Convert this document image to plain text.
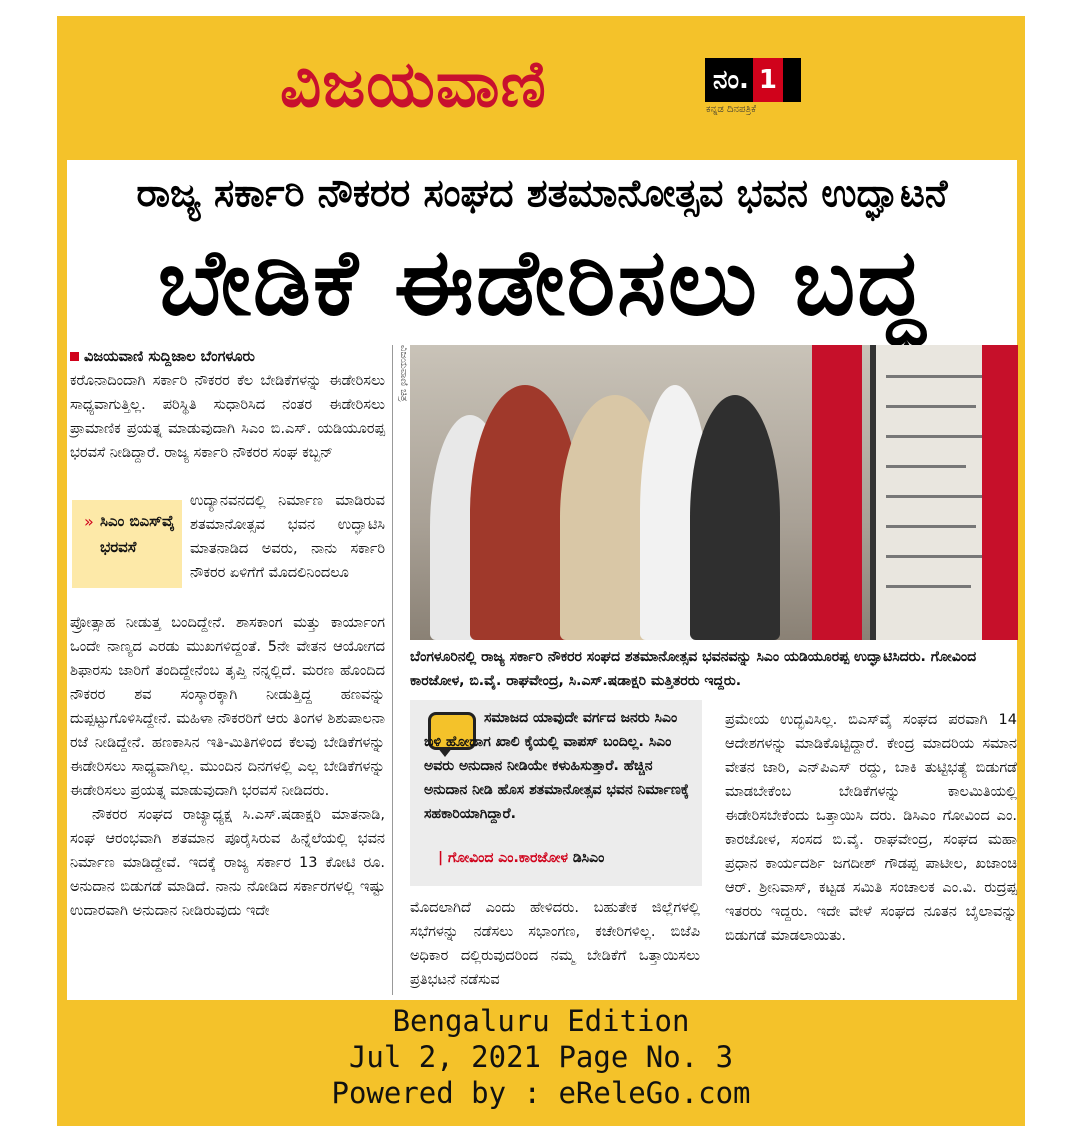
ವಿಜಯವಾಣಿ	ನಂ. 1
ಕನ್ನಡ ದಿನಪತ್ರಿಕೆ
ರಾಜ್ಯ ಸರ್ಕಾರಿ ನೌಕರರ ಸಂಘದ ಶತಮಾನೋತ್ಸವ ಭವನ ಉದ್ಘಾಟನೆ
ಬೇಡಿಕೆ ಈಡೇರಿಸಲು ಬದ್ಧ

ವಿಜಯವಾಣಿ ಸುದ್ದಿಜಾಲ ಬೆಂಗಳೂರು

ಕರೊನಾದಿಂದಾಗಿ ಸರ್ಕಾರಿ ನೌಕರರ ಕೆಲ ಬೇಡಿಕೆಗಳನ್ನು ಈಡೇರಿಸಲು ಸಾಧ್ಯವಾಗುತ್ತಿಲ್ಲ. ಪರಿಸ್ಥಿತಿ ಸುಧಾರಿಸಿದ ನಂತರ ಈಡೇರಿಸಲು ಪ್ರಾಮಾಣಿಕ ಪ್ರಯತ್ನ ಮಾಡುವುದಾಗಿ ಸಿಎಂ ಬಿ.ಎಸ್. ಯಡಿಯೂರಪ್ಪ ಭರವಸೆ ನೀಡಿದ್ದಾರೆ. ರಾಜ್ಯ ಸರ್ಕಾರಿ ನೌಕರರ ಸಂಘ ಕಬ್ಬನ್

ಪ್ರೋತ್ಸಾಹ ನೀಡುತ್ತ ಬಂದಿದ್ದೇನೆ. ಶಾಸಕಾಂಗ ಮತ್ತು ಕಾರ್ಯಾಂಗ ಒಂದೇ ನಾಣ್ಯದ ಎರಡು ಮುಖಗಳಿದ್ದಂತೆ. 5ನೇ ವೇತನ ಆಯೋಗದ ಶಿಫಾರಸು ಜಾರಿಗೆ ತಂದಿದ್ದೇನೆಂಬ ತೃಪ್ತಿ ನನ್ನಲ್ಲಿದೆ. ಮರಣ ಹೊಂದಿದ ನೌಕರರ ಶವ ಸಂಸ್ಕಾರಕ್ಕಾಗಿ ನೀಡುತ್ತಿದ್ದ ಹಣವನ್ನು ದುಪ್ಪಟ್ಟುಗೊಳಿಸಿದ್ದೇನೆ. ಮಹಿಳಾ ನೌಕರರಿಗೆ ಆರು ತಿಂಗಳ ಶಿಶುಪಾಲನಾ ರಜೆ ನೀಡಿದ್ದೇನೆ. ಹಣಕಾಸಿನ ಇತಿ-ಮಿತಿಗಳಿಂದ ಕೆಲವು ಬೇಡಿಕೆಗಳನ್ನು ಈಡೇರಿಸಲು ಸಾಧ್ಯವಾಗಿಲ್ಲ. ಮುಂದಿನ ದಿನಗಳಲ್ಲಿ ಎಲ್ಲ ಬೇಡಿಕೆಗಳನ್ನು ಈಡೇರಿಸಲು ಪ್ರಯತ್ನ ಮಾಡುವುದಾಗಿ ಭರವಸೆ ನೀಡಿದರು.

ನೌಕರರ ಸಂಘದ ರಾಜ್ಯಾಧ್ಯಕ್ಷ ಸಿ.ಎಸ್.ಷಡಾಕ್ಷರಿ ಮಾತನಾಡಿ, ಸಂಘ ಆರಂಭವಾಗಿ ಶತಮಾನ ಪೂರೈಸಿರುವ ಹಿನ್ನೆಲೆಯಲ್ಲಿ ಭವನ ನಿರ್ಮಾಣ ಮಾಡಿದ್ದೇವೆ. ಇದಕ್ಕೆ ರಾಜ್ಯ ಸರ್ಕಾರ 13 ಕೋಟಿ ರೂ. ಅನುದಾನ ಬಿಡುಗಡೆ ಮಾಡಿದೆ. ನಾನು ನೋಡಿದ ಸರ್ಕಾರಗಳಲ್ಲಿ ಇಷ್ಟು ಉದಾರವಾಗಿ ಅನುದಾನ ನೀಡಿರುವುದು ಇದೇ

» ಸಿಎಂ ಬಿಎಸ್‌ವೈ ಭರವಸೆ
ಉದ್ಯಾನವನದಲ್ಲಿ ನಿರ್ಮಾಣ ಮಾಡಿರುವ ಶತಮಾನೋತ್ಸವ ಭವನ ಉದ್ಘಾಟಿಸಿ ಮಾತನಾಡಿದ ಅವರು, ನಾನು ಸರ್ಕಾರಿ ನೌಕರರ ಏಳಿಗೆಗೆ ಮೊದಲಿನಿಂದಲೂ
ವಿಜಯವಾಣಿ ಚಿತ್ರ
ಬೆಂಗಳೂರಿನಲ್ಲಿ ರಾಜ್ಯ ಸರ್ಕಾರಿ ನೌಕರರ ಸಂಘದ ಶತಮಾನೋತ್ಸವ ಭವನವನ್ನು ಸಿಎಂ ಯಡಿಯೂರಪ್ಪ ಉದ್ಘಾಟಿಸಿದರು. ಗೋವಿಂದ ಕಾರಜೋಳ, ಬಿ.ವೈ. ರಾಘವೇಂದ್ರ, ಸಿ.ಎಸ್.ಷಡಾಕ್ಷರಿ ಮತ್ತಿತರರು ಇದ್ದರು.
ಸಮಾಜದ ಯಾವುದೇ ವರ್ಗದ ಜನರು ಸಿಎಂ ಬಳಿ ಹೋದಾಗ ಖಾಲಿ ಕೈಯಲ್ಲಿ ವಾಪಸ್ ಬಂದಿಲ್ಲ. ಸಿಎಂ ಅವರು ಅನುದಾನ ನೀಡಿಯೇ ಕಳುಹಿಸುತ್ತಾರೆ. ಹೆಚ್ಚಿನ ಅನುದಾನ ನೀಡಿ ಹೊಸ ಶತಮಾನೋತ್ಸವ ಭವನ ನಿರ್ಮಾಣಕ್ಕೆ ಸಹಕಾರಿಯಾಗಿದ್ದಾರೆ.
| ಗೋವಿಂದ ಎಂ.ಕಾರಜೋಳ ಡಿಸಿಎಂ
ಮೊದಲಾಗಿದೆ ಎಂದು ಹೇಳಿದರು. ಬಹುತೇಕ ಜಿಲ್ಲೆಗಳಲ್ಲಿ ಸಭೆಗಳನ್ನು ನಡೆಸಲು ಸಭಾಂಗಣ, ಕಚೇರಿಗಳಿಲ್ಲ. ಬಿಜೆಪಿ ಅಧಿಕಾರ ದಲ್ಲಿರುವುದರಿಂದ ನಮ್ಮ ಬೇಡಿಕೆಗೆ ಒತ್ತಾಯಿಸಲು ಪ್ರತಿಭಟನೆ ನಡೆಸುವ
ಪ್ರಮೇಯ ಉದ್ಭವಿಸಿಲ್ಲ. ಬಿಎಸ್‌ವೈ ಸಂಘದ ಪರವಾಗಿ 14 ಆದೇಶಗಳನ್ನು ಮಾಡಿಕೊಟ್ಟಿದ್ದಾರೆ. ಕೇಂದ್ರ ಮಾದರಿಯ ಸಮಾನ ವೇತನ ಜಾರಿ, ಎನ್‌ಪಿಎಸ್ ರದ್ದು, ಬಾಕಿ ತುಟ್ಟಿಭತ್ಯೆ ಬಿಡುಗಡೆ ಮಾಡಬೇಕೆಂಬ ಬೇಡಿಕೆಗಳನ್ನು ಕಾಲಮಿತಿಯಲ್ಲಿ ಈಡೇರಿಸಬೇಕೆಂದು ಒತ್ತಾಯಿಸಿ ದರು. ಡಿಸಿಎಂ ಗೋವಿಂದ ಎಂ. ಕಾರಜೋಳ, ಸಂಸದ ಬಿ.ವೈ. ರಾಘವೇಂದ್ರ, ಸಂಘದ ಮಹಾ ಪ್ರಧಾನ ಕಾರ್ಯದರ್ಶಿ ಜಗದೀಶ್ ಗೌಡಪ್ಪ ಪಾಟೀಲ, ಖಜಾಂಚಿ ಆರ್. ಶ್ರೀನಿವಾಸ್, ಕಟ್ಟಡ ಸಮಿತಿ ಸಂಚಾಲಕ ಎಂ.ವಿ. ರುದ್ರಪ್ಪ ಇತರರು ಇದ್ದರು. ಇದೇ ವೇಳೆ ಸಂಘದ ನೂತನ ಬೈಲಾವನ್ನು ಬಿಡುಗಡೆ ಮಾಡಲಾಯಿತು.
Bengaluru Edition
Jul 2, 2021 Page No. 3
Powered by : eReleGo.com
